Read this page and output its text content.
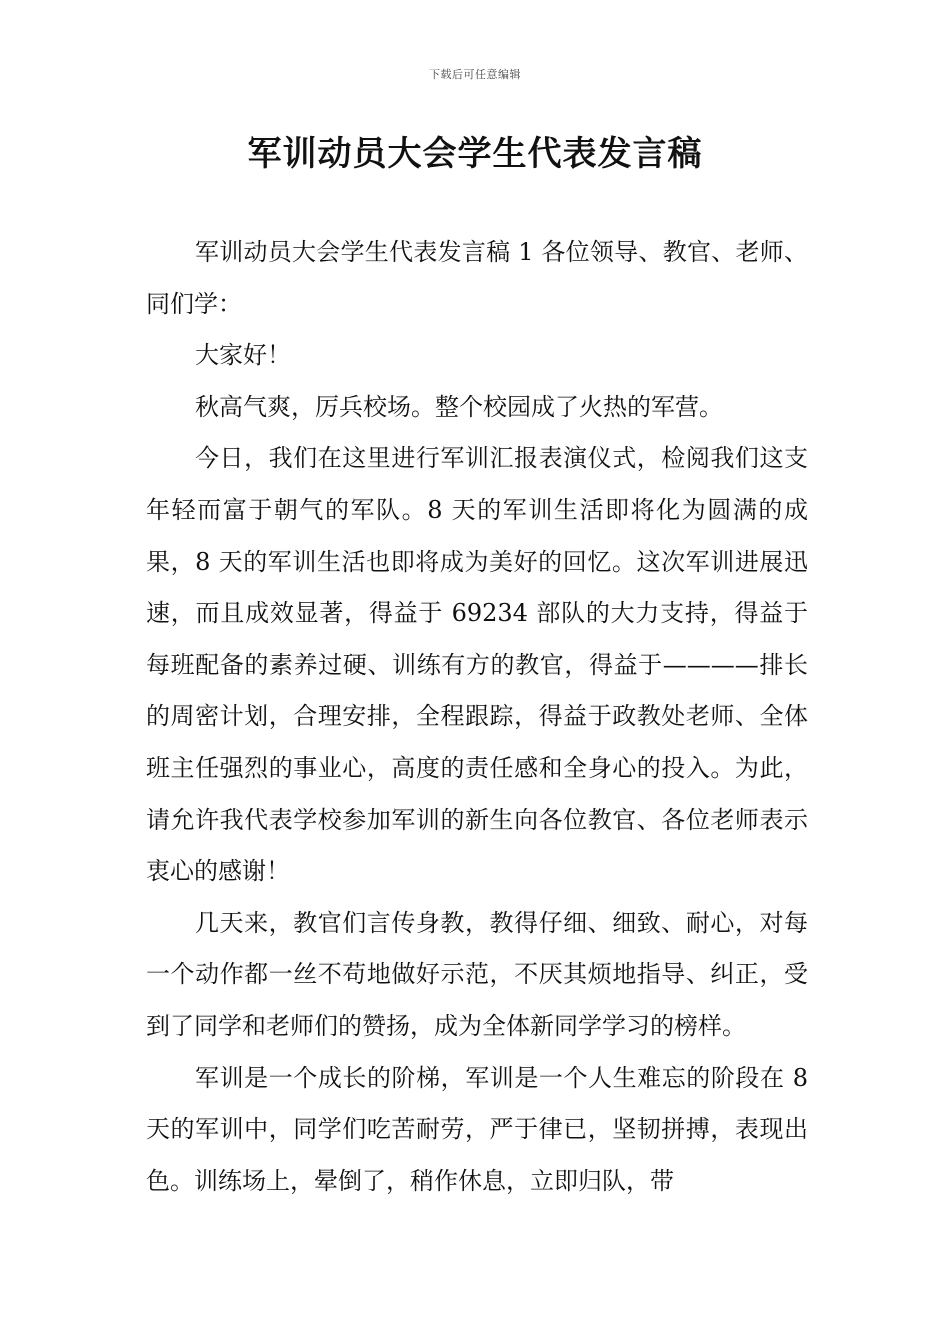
下载后可任意编辑
军训动员大会学生代表发言稿

军训动员大会学生代表发言稿 1 各位领导、教官、老师、同们学：

大家好！

秋高气爽，厉兵校场。整个校园成了火热的军营。

今日，我们在这里进行军训汇报表演仪式，检阅我们这支年轻而富于朝气的军队。8 天的军训生活即将化为圆满的成果，8 天的军训生活也即将成为美好的回忆。这次军训进展迅速，而且成效显著，得益于 69234 部队的大力支持，得益于每班配备的素养过硬、训练有方的教官，得益于————排长的周密计划，合理安排，全程跟踪，得益于政教处老师、全体班主任强烈的事业心，高度的责任感和全身心的投入。为此，请允许我代表学校参加军训的新生向各位教官、各位老师表示衷心的感谢！

几天来，教官们言传身教，教得仔细、细致、耐心，对每一个动作都一丝不苟地做好示范，不厌其烦地指导、纠正，受到了同学和老师们的赞扬，成为全体新同学学习的榜样。

军训是一个成长的阶梯，军训是一个人生难忘的阶段在 8 天的军训中，同学们吃苦耐劳，严于律已，坚韧拼搏，表现出色。训练场上，晕倒了，稍作休息，立即归队，带
